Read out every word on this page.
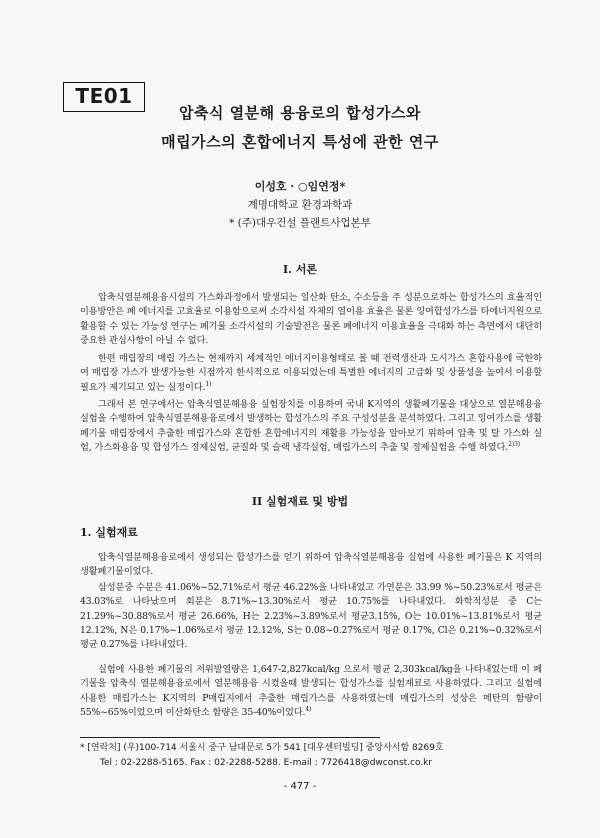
TE01
압축식 열분해 용융로의 합성가스와
매립가스의 혼합에너지 특성에 관한 연구
이성호 · ○임연정*
계명대학교 환경과학과
* (주)대우건설 플랜트사업본부
I. 서론
압축식열분해용융시설의 가스화과정에서 발생되는 일산화 탄소, 수소등을 주 성분으로하는 합성가스의 효율적인 이용방안은 폐 에너지를 고효율로 이용함으로써 소각시설 자체의 열이용 효율은 물론 잉여합성가스를 타에너지원으로 활용할 수 있는 가능성 연구는 폐기물 소각시설의 기술발전은 물론 폐에너지 이용효율을 극대화 하는 측면에서 대단히 중요한 관심사항이 아닐 수 없다.
한편 매립장의 매립 가스는 현재까지 세계적인 에너지이용형태로 볼 때 전력생산과 도시가스 혼합사용에 국한하여 매립장 가스가 발생가능한 시점까지 한시적으로 이용되었는데 특별한 에너지의 고급화 및 상품성을 높여서 이용할 필요가 제기되고 있는 실정이다.$^{1)}$
그래서 본 연구에서는 압축식열분해용융 실험장치를 이용하여 국내 K지역의 생활폐기물을 대상으로 열분해용융실험을 수행하여 압축식열분해용융로에서 발생하는 합성가스의 주요 구성성분을 분석하였다. 그리고 잉여가스를 생활폐기물 매립장에서 추출한 매립가스와 혼합한 혼합에너지의 재활용 가능성을 알아보기 위하여 압축 및 탈 가스화 실험, 가스화용융 및 합성가스 정제실험, 균질화 및 슬랙 냉각실험, 매립가스의 추출 및 정제실험을 수행 하였다.$^{2)3)}$
II 실험재료 및 방법
1. 실험재료
압축식열분해용융로에서 생성되는 합성가스를 얻기 위하여 압축식열분해용융 실험에 사용한 폐기물은 K 지역의 생활폐기물이었다.
삼성분중 수분은 41.06%~52.71%로서 평균 46.22%을 나타내었고 가연분은 33.99 %~50.23%로서 평균은 43.03%로 나타났으며 회분은 8.71%~13.30%로서 평균 10.75%를 나타내었다. 화학적성분 중 C는 21.29%~30.88%로서 평균 26.66%, H는 2.23%~3.89%로서 평균3.15%, O는 10.01%~13.81%로서 평균 12.12%, N은 0.17%~1.06%로서 평균 12.12%, S는 0.08~0.27%로서 평균 0.17%, Cl은 0.21%~0.32%로서 평균 0.27%를 나타내었다.
실험에 사용한 폐기물의 저위발열량은 1,647-2,827kcal/kg 으로서 평균 2,303kcal/kg을 나타내었는데 이 폐기물을 압축식 열분해용융로에서 열분해용융 시켰을때 발생되는 합성가스를 실험재료로 사용하였다. 그리고 실험에 사용한 매립가스는 K지역의 P매립지에서 추출한 매립가스를 사용하였는데 매립가스의 성상은 메탄의 함량이 55%~65%이었으며 이산화탄소 함량은 35-40%이었다.$^{4)}$
* [연락처] (우)100-714 서울시 중구 남대문로 5가 541 [대우센터빌딩] 중앙사서함 8269호
Tel : 02-2288-5165. Fax : 02-2288-5288. E-mail : 7726418@dwconst.co.kr
- 477 -
